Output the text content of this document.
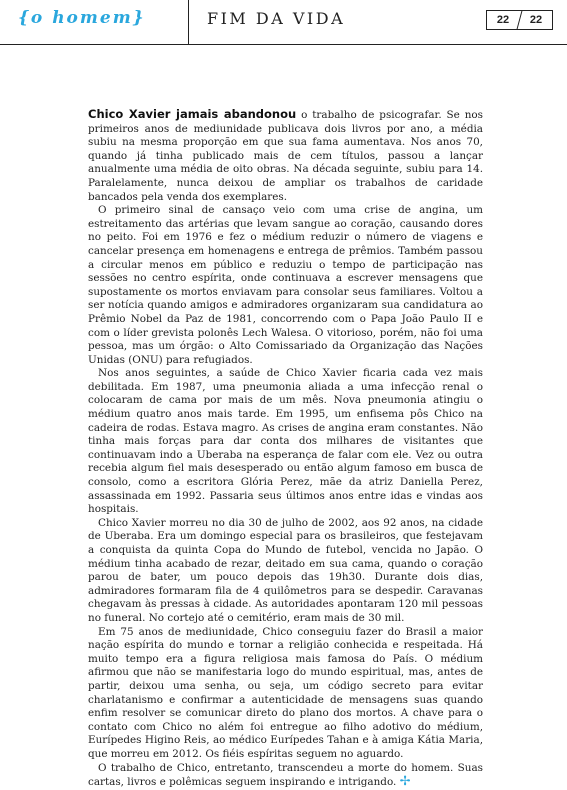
{o homem}	FIM DA VIDA	22	22

Chico Xavier jamais abandonou o trabalho de psicografar. Se nos primeiros anos de mediunidade publicava dois livros por ano, a média subiu na mesma proporção em que sua fama aumentava. Nos anos 70, quando já tinha publicado mais de cem títulos, passou a lançar anualmente uma média de oito obras. Na década seguinte, subiu para 14. Paralelamente, nunca deixou de ampliar os trabalhos de caridade bancados pela venda dos exemplares.

O primeiro sinal de cansaço veio com uma crise de angina, um estreitamento das artérias que levam sangue ao coração, causando dores no peito. Foi em 1976 e fez o médium reduzir o número de viagens e cancelar presença em homenagens e entrega de prêmios. Também passou a circular menos em público e reduziu o tempo de participação nas sessões no centro espírita, onde continuava a escrever mensagens que supostamente os mortos enviavam para consolar seus familiares. Voltou a ser notícia quando amigos e admiradores organizaram sua candidatura ao Prêmio Nobel da Paz de 1981, concorrendo com o Papa João Paulo II e com o líder grevista polonês Lech Walesa. O vitorioso, porém, não foi uma pessoa, mas um órgão: o Alto Comissariado da Organização das Nações Unidas (ONU) para refugiados.

Nos anos seguintes, a saúde de Chico Xavier ficaria cada vez mais debilitada. Em 1987, uma pneumonia aliada a uma infecção renal o colocaram de cama por mais de um mês. Nova pneumonia atingiu o médium quatro anos mais tarde. Em 1995, um enfisema pôs Chico na cadeira de rodas. Estava magro. As crises de angina eram constantes. Não tinha mais forças para dar conta dos milhares de visitantes que continuavam indo a Uberaba na esperança de falar com ele. Vez ou outra recebia algum fiel mais desesperado ou então algum famoso em busca de consolo, como a escritora Glória Perez, mãe da atriz Daniella Perez, assassinada em 1992. Passaria seus últimos anos entre idas e vindas aos hospitais.

Chico Xavier morreu no dia 30 de julho de 2002, aos 92 anos, na cidade de Uberaba. Era um domingo especial para os brasileiros, que festejavam a conquista da quinta Copa do Mundo de futebol, vencida no Japão. O médium tinha acabado de rezar, deitado em sua cama, quando o coração parou de bater, um pouco depois das 19h30. Durante dois dias, admiradores formaram fila de 4 quilômetros para se despedir. Caravanas chegavam às pressas à cidade. As autoridades apontaram 120 mil pessoas no funeral. No cortejo até o cemitério, eram mais de 30 mil.

Em 75 anos de mediunidade, Chico conseguiu fazer do Brasil a maior nação espírita do mundo e tornar a religião conhecida e respeitada. Há muito tempo era a figura religiosa mais famosa do País. O médium afirmou que não se manifestaria logo do mundo espiritual, mas, antes de partir, deixou uma senha, ou seja, um código secreto para evitar charlatanismo e confirmar a autenticidade de mensagens suas quando enfim resolver se comunicar direto do plano dos mortos. A chave para o contato com Chico no além foi entregue ao filho adotivo do médium, Eurípedes Higino Reis, ao médico Eurípedes Tahan e à amiga Kátia Maria, que morreu em 2012. Os fiéis espíritas seguem no aguardo.

O trabalho de Chico, entretanto, transcendeu a morte do homem. Suas cartas, livros e polêmicas seguem inspirando e intrigando. ✢
